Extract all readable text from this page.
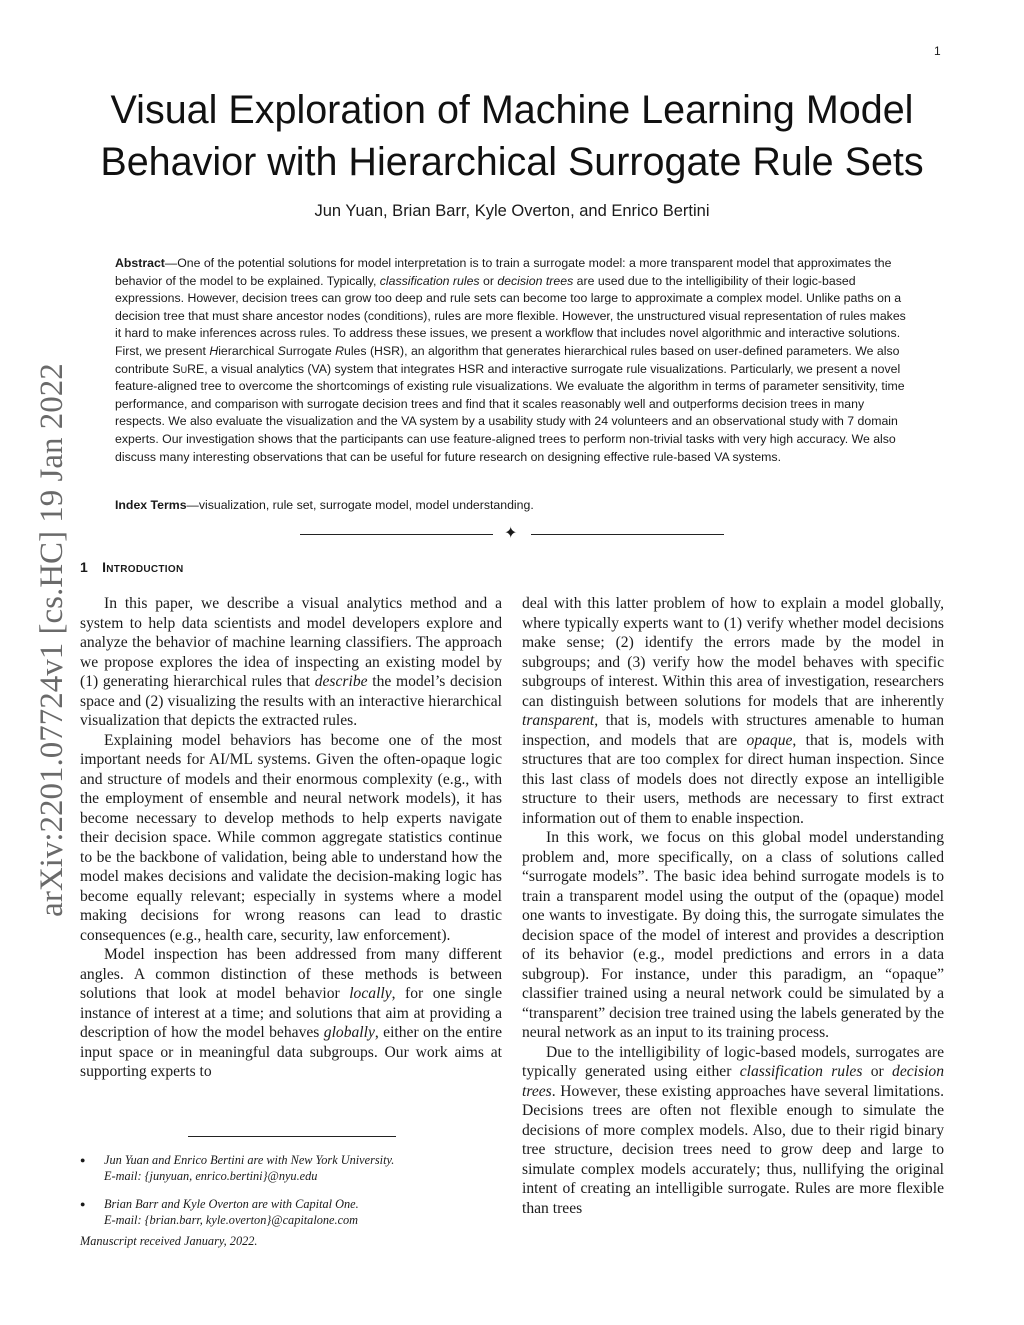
1
Visual Exploration of Machine Learning Model
Behavior with Hierarchical Surrogate Rule Sets
Jun Yuan, Brian Barr, Kyle Overton, and Enrico Bertini
arXiv:2201.07724v1 [cs.HC] 19 Jan 2022
Abstract—One of the potential solutions for model interpretation is to train a surrogate model: a more transparent model that approximates the behavior of the model to be explained. Typically, classification rules or decision trees are used due to the intelligibility of their logic-based expressions. However, decision trees can grow too deep and rule sets can become too large to approximate a complex model. Unlike paths on a decision tree that must share ancestor nodes (conditions), rules are more flexible. However, the unstructured visual representation of rules makes it hard to make inferences across rules. To address these issues, we present a workflow that includes novel algorithmic and interactive solutions. First, we present Hierarchical Surrogate Rules (HSR), an algorithm that generates hierarchical rules based on user-defined parameters. We also contribute SuRE, a visual analytics (VA) system that integrates HSR and interactive surrogate rule visualizations. Particularly, we present a novel feature-aligned tree to overcome the shortcomings of existing rule visualizations. We evaluate the algorithm in terms of parameter sensitivity, time performance, and comparison with surrogate decision trees and find that it scales reasonably well and outperforms decision trees in many respects. We also evaluate the visualization and the VA system by a usability study with 24 volunteers and an observational study with 7 domain experts. Our investigation shows that the participants can use feature-aligned trees to perform non-trivial tasks with very high accuracy. We also discuss many interesting observations that can be useful for future research on designing effective rule-based VA systems.
Index Terms—visualization, rule set, surrogate model, model understanding.
✦
1 Introduction

In this paper, we describe a visual analytics method and a system to help data scientists and model developers explore and analyze the behavior of machine learning classifiers. The approach we propose explores the idea of inspecting an existing model by (1) generating hierarchical rules that describe the model’s decision space and (2) visualizing the results with an interactive hierarchical visualization that depicts the extracted rules.

Explaining model behaviors has become one of the most important needs for AI/ML systems. Given the often-opaque logic and structure of models and their enormous complexity (e.g., with the employment of ensemble and neural network models), it has become necessary to develop methods to help experts navigate their decision space. While common aggregate statistics continue to be the backbone of validation, being able to understand how the model makes decisions and validate the decision-making logic has become equally relevant; especially in systems where a model making decisions for wrong reasons can lead to drastic consequences (e.g., health care, security, law enforcement).

Model inspection has been addressed from many different angles. A common distinction of these methods is between solutions that look at model behavior locally, for one single instance of interest at a time; and solutions that aim at providing a description of how the model behaves globally, either on the entire input space or in meaningful data subgroups. Our work aims at supporting experts to

deal with this latter problem of how to explain a model globally, where typically experts want to (1) verify whether model decisions make sense; (2) identify the errors made by the model in subgroups; and (3) verify how the model behaves with specific subgroups of interest. Within this area of investigation, researchers can distinguish between solutions for models that are inherently transparent, that is, models with structures amenable to human inspection, and models that are opaque, that is, models with structures that are too complex for direct human inspection. Since this last class of models does not directly expose an intelligible structure to their users, methods are necessary to first extract information out of them to enable inspection.

In this work, we focus on this global model understanding problem and, more specifically, on a class of solutions called “surrogate models”. The basic idea behind surrogate models is to train a transparent model using the output of the (opaque) model one wants to investigate. By doing this, the surrogate simulates the decision space of the model of interest and provides a description of its behavior (e.g., model predictions and errors in a data subgroup). For instance, under this paradigm, an “opaque” classifier trained using a neural network could be simulated by a “transparent” decision tree trained using the labels generated by the neural network as an input to its training process.

Due to the intelligibility of logic-based models, surrogates are typically generated using either classification rules or decision trees. However, these existing approaches have several limitations. Decisions trees are often not flexible enough to simulate the decisions of more complex models. Also, due to their rigid binary tree structure, decision trees need to grow deep and large to simulate complex models accurately; thus, nullifying the original intent of creating an intelligible surrogate. Rules are more flexible than trees

● Jun Yuan and Enrico Bertini are with New York University.
E-mail: {junyuan, enrico.bertini}@nyu.edu
● Brian Barr and Kyle Overton are with Capital One.
E-mail: {brian.barr, kyle.overton}@capitalone.com
Manuscript received January, 2022.
